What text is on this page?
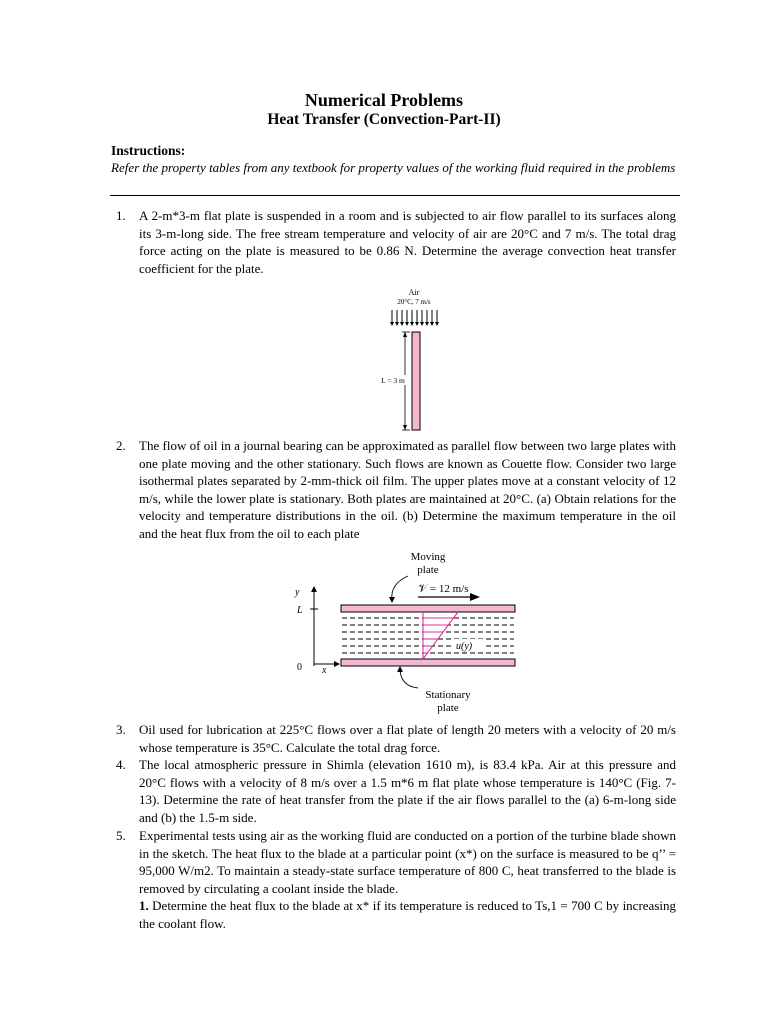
Numerical Problems
Heat Transfer (Convection-Part-II)
Instructions:
Refer the property tables from any textbook for property values of the working fluid required in the problems
1. A 2-m*3-m flat plate is suspended in a room and is subjected to air flow parallel to its surfaces along its 3-m-long side. The free stream temperature and velocity of air are 20°C and 7 m/s. The total drag force acting on the plate is measured to be 0.86 N. Determine the average convection heat transfer coefficient for the plate.
Air
20°C, 7 m/s
L = 3 m
2. The flow of oil in a journal bearing can be approximated as parallel flow between two large plates with one plate moving and the other stationary. Such flows are known as Couette flow. Consider two large isothermal plates separated by 2-mm-thick oil film. The upper plates move at a constant velocity of 12 m/s, while the lower plate is stationary. Both plates are maintained at 20°C. (a) Obtain relations for the velocity and temperature distributions in the oil. (b) Determine the maximum temperature in the oil and the heat flux from the oil to each plate
Moving
plate
𝒱 = 12 m/s
y
L
0 x
u(y)
Stationary
plate
3. Oil used for lubrication at 225°C flows over a flat plate of length 20 meters with a velocity of 20 m/s whose temperature is 35°C. Calculate the total drag force.
4. The local atmospheric pressure in Shimla (elevation 1610 m), is 83.4 kPa. Air at this pressure and 20°C flows with a velocity of 8 m/s over a 1.5 m*6 m flat plate whose temperature is 140°C (Fig. 7-13). Determine the rate of heat transfer from the plate if the air flows parallel to the (a) 6-m-long side and (b) the 1.5-m side.
5. Experimental tests using air as the working fluid are conducted on a portion of the turbine blade shown in the sketch. The heat flux to the blade at a particular point (x*) on the surface is measured to be q’’ = 95,000 W/m2. To maintain a steady-state surface temperature of 800 C, heat transferred to the blade is removed by circulating a coolant inside the blade.
1. Determine the heat flux to the blade at x* if its temperature is reduced to Ts,1 = 700 C by increasing the coolant flow.
